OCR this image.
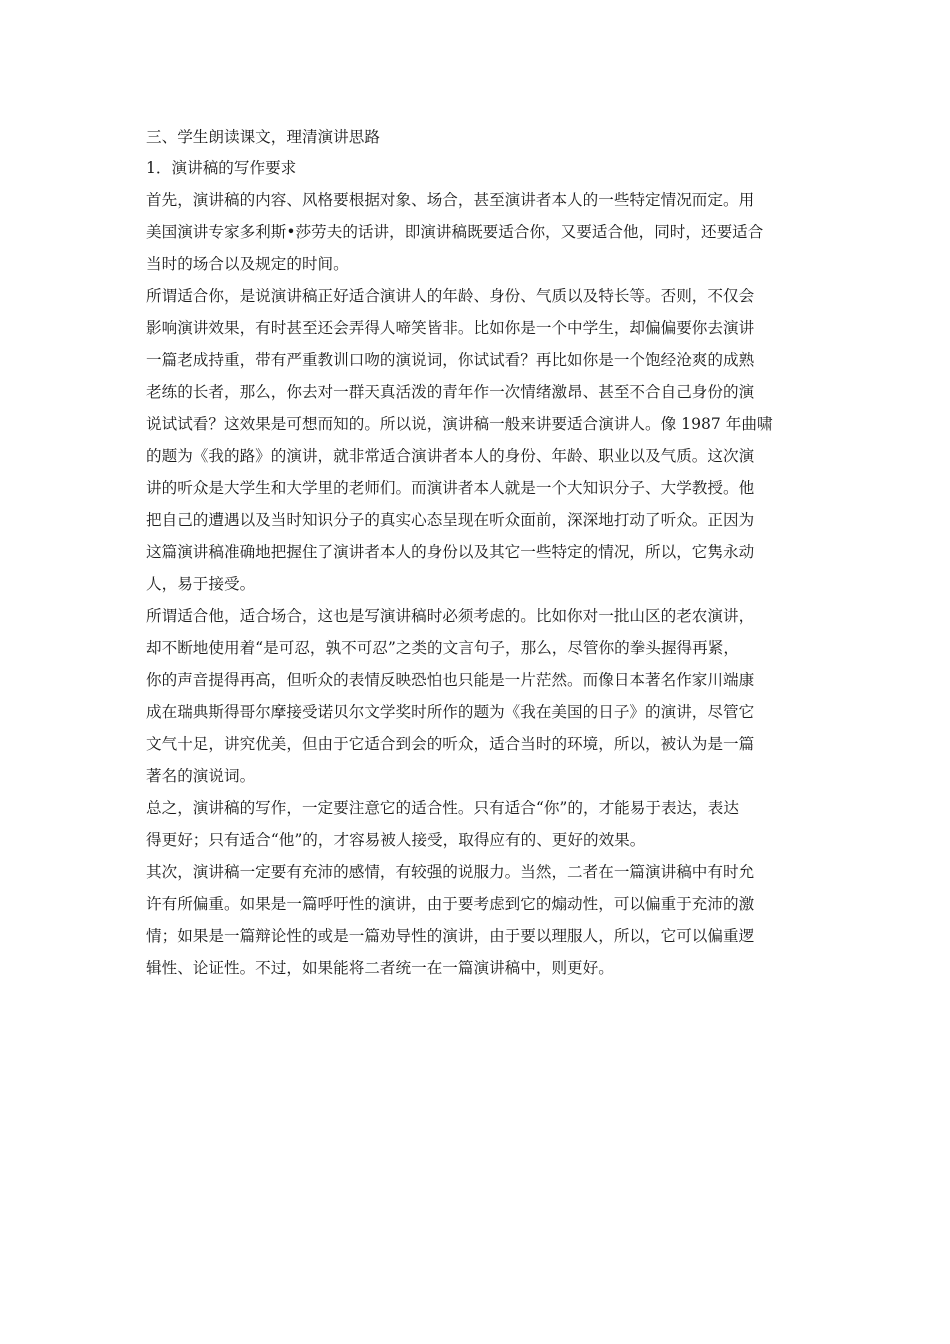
三、学生朗读课文，理清演讲思路
1．演讲稿的写作要求
首先，演讲稿的内容、风格要根据对象、场合，甚至演讲者本人的一些特定情况而定。用
美国演讲专家多利斯•莎劳夫的话讲，即演讲稿既要适合你，又要适合他，同时，还要适合
当时的场合以及规定的时间。
所谓适合你，是说演讲稿正好适合演讲人的年龄、身份、气质以及特长等。否则，不仅会
影响演讲效果，有时甚至还会弄得人啼笑皆非。比如你是一个中学生，却偏偏要你去演讲
一篇老成持重，带有严重教训口吻的演说词，你试试看？再比如你是一个饱经沧爽的成熟
老练的长者，那么，你去对一群天真活泼的青年作一次情绪激昂、甚至不合自己身份的演
说试试看？这效果是可想而知的。所以说，演讲稿一般来讲要适合演讲人。像 1987 年曲啸
的题为《我的路》的演讲，就非常适合演讲者本人的身份、年龄、职业以及气质。这次演
讲的听众是大学生和大学里的老师们。而演讲者本人就是一个大知识分子、大学教授。他
把自己的遭遇以及当时知识分子的真实心态呈现在听众面前，深深地打动了听众。正因为
这篇演讲稿准确地把握住了演讲者本人的身份以及其它一些特定的情况，所以，它隽永动
人，易于接受。
所谓适合他，适合场合，这也是写演讲稿时必须考虑的。比如你对一批山区的老农演讲，
却不断地使用着“是可忍，孰不可忍”之类的文言句子，那么，尽管你的拳头握得再紧，
你的声音提得再高，但听众的表情反映恐怕也只能是一片茫然。而像日本著名作家川端康
成在瑞典斯得哥尔摩接受诺贝尔文学奖时所作的题为《我在美国的日子》的演讲，尽管它
文气十足，讲究优美，但由于它适合到会的听众，适合当时的环境，所以，被认为是一篇
著名的演说词。
总之，演讲稿的写作，一定要注意它的适合性。只有适合“你”的，才能易于表达，表达
得更好；只有适合“他”的，才容易被人接受，取得应有的、更好的效果。
其次，演讲稿一定要有充沛的感情，有较强的说服力。当然，二者在一篇演讲稿中有时允
许有所偏重。如果是一篇呼吁性的演讲，由于要考虑到它的煽动性，可以偏重于充沛的激
情；如果是一篇辩论性的或是一篇劝导性的演讲，由于要以理服人，所以，它可以偏重逻
辑性、论证性。不过，如果能将二者统一在一篇演讲稿中，则更好。
